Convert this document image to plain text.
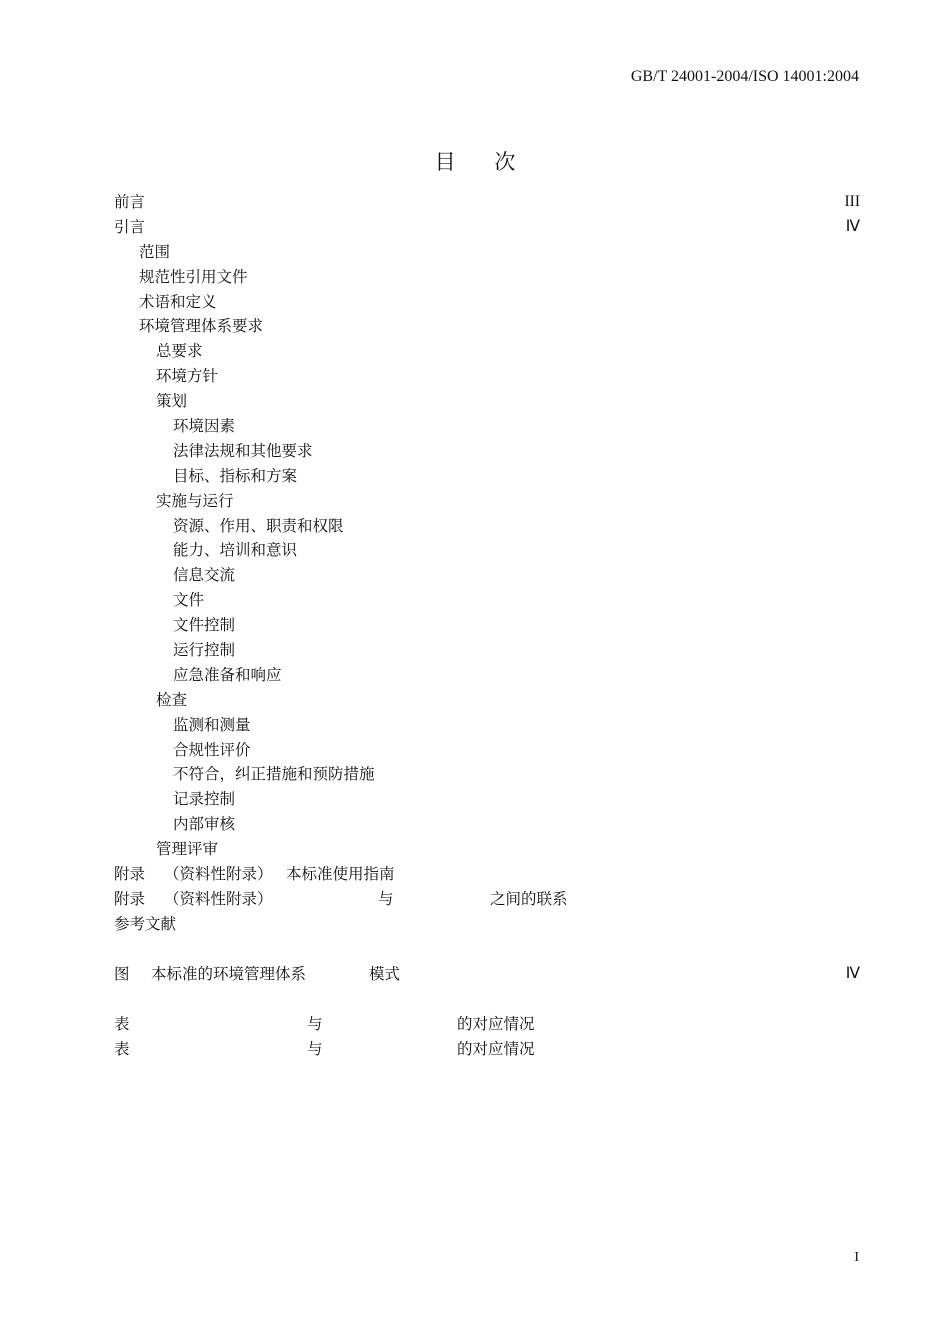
GB/T 24001-2004/ISO 14001:2004
目 次
前言	III
引言	Ⅳ
范围
规范性引用文件
术语和定义
环境管理体系要求
总要求
环境方针
策划
环境因素
法律法规和其他要求
目标、指标和方案
实施与运行
资源、作用、职责和权限
能力、培训和意识
信息交流
文件
文件控制
运行控制
应急准备和响应
检查
监测和测量
合规性评价
不符合，纠正措施和预防措施
记录控制
内部审核
管理评审
附录 （资料性附录） 本标准使用指南
附录 （资料性附录）	与	之间的联系
参考文献
图 本标准的环境管理体系	模式	Ⅳ
表	与	的对应情况
表	与	的对应情况
I
